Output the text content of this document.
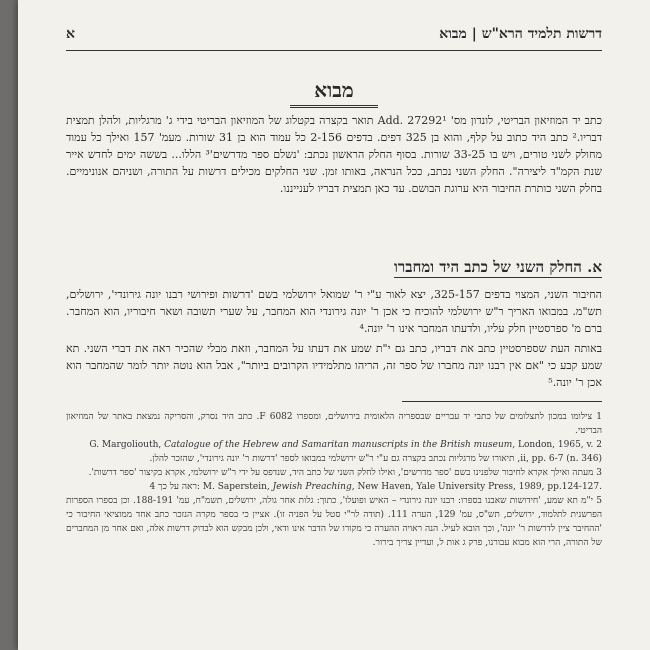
דרשות תלמיד הרא"ש | מבוא
א
מבוא
כתב יד המוזיאון הבריטי, לונדון מס' Add. 27292¹ תואר בקצרה בקטלוג של המוזיאון הבריטי בידי ג' מרגליות, ולהלן תמצית דבריו.² כתב היד כתוב על קלף, והוא בן 325 דפים. בדפים 2-156 כל עמוד הוא בן 31 שורות. מעמ' 157 ואילך כל עמוד מחולק לשני טורים, ויש בו 33-25 שורות. בסוף החלק הראשון נכתב: 'נשלם ספר מדרשים'³ הללו... בששה ימים לחדש אייר שנת הקמ"ד ליצירה". החלק השני נכתב, ככל הנראה, באותו זמן. שני החלקים מכילים דרשות על התורה, ושניהם אנונימיים. בחלק השני כותרת החיבור היא ערוגת הבושם. עד כאן תמצית דבריו לענייננו.
א. החלק השני של כתב היד ומחברו
החיבור השני, המצוי בדפים 325-157, יצא לאור ע"י ר' שמואל ירושלמי בשם 'דרשות ופירושי רבנו יונה גירונדי', ירושלים, תש"מ. במבואו האריך ר"ש ירושלמי להוכיח כי אכן ר' יונה גירונדי הוא המחבר, על שערי תשובה ושאר חיבוריו, הוא המחבר. ברם מ' ספרסטיין חלק עליו, ולדעתו המחבר אינו ר' יונה.⁴
באותה העת שספרסטיין כתב את דבריו, כתב גם י"ת שמע את דעתו על המחבר, וזאת מבלי שהכיר ראה את דברי השני. תא שמע קבע כי "אם אין רבנו יונה מחברו של ספר זה, הריהו מתלמידיו הקרובים ביותר", אבל הוא נוטה יותר לומר שהמחבר הוא אכן ר' יונה.⁵
1 צילומו במכון לתצלומים של כתבי יד עבריים שבספריה הלאומית בירושלים, ומספרו F 6082. כתב היד נסרק, והסריקה נמצאת באתר של המוזיאון הבריטי.
G. Margoliouth, Catalogue of the Hebrew and Samaritan manuscripts in the British museum, London, 1965, v. 2
ii, pp. 6-7 (n. 346), תיאורו של מרגליות נכתב בקצרה גם ע"י ר"ש ירושלמי במבואו לספר 'דרשות ר' יונה גירונדי', שהזכר להלן.
3 מעתה ואילך אקרא לחיבור שלפנינו בשם 'ספר מדרשים', ואילו לחלק השני של כתב היד, שנדפס על ידי ר"ש ירושלמי, אקרא בקיצור 'ספר דרשות'.
4 ראה על כך: M. Saperstein, Jewish Preaching, New Haven, Yale University Press, 1989, pp.124-127.
5 י"מ תא שמע, 'חידושות שאבנו בספרו: רבנו יונה גירונדי – האיש ופועלו', כתוך: גלות אחר גולה, ירושלים, תשמ"ח, עמ' 188-191. וכן בספרו הספרות הפרשנית לתלמוד, ירושלים, תש"ס, עמ' 129, הערה 111. (תודה לר"י סטל על הפניה זו). אציין כי בספר מקרה הנזכר כתב אחד ממוציאי החיבור כי 'ההחיבר ציין לדרשות ר' יונה', וכך הובא לעיל. הנה ראויה ההערה כי מקורו של הדבר אינו ודאי, ולכן מבקש הוא לבדוק דרשות אלה, ואם אחר מן המחברים של התורה, הרי הוא מבוא עבורנו, פרק ג אות ל, ועדיין צריך בירור.
